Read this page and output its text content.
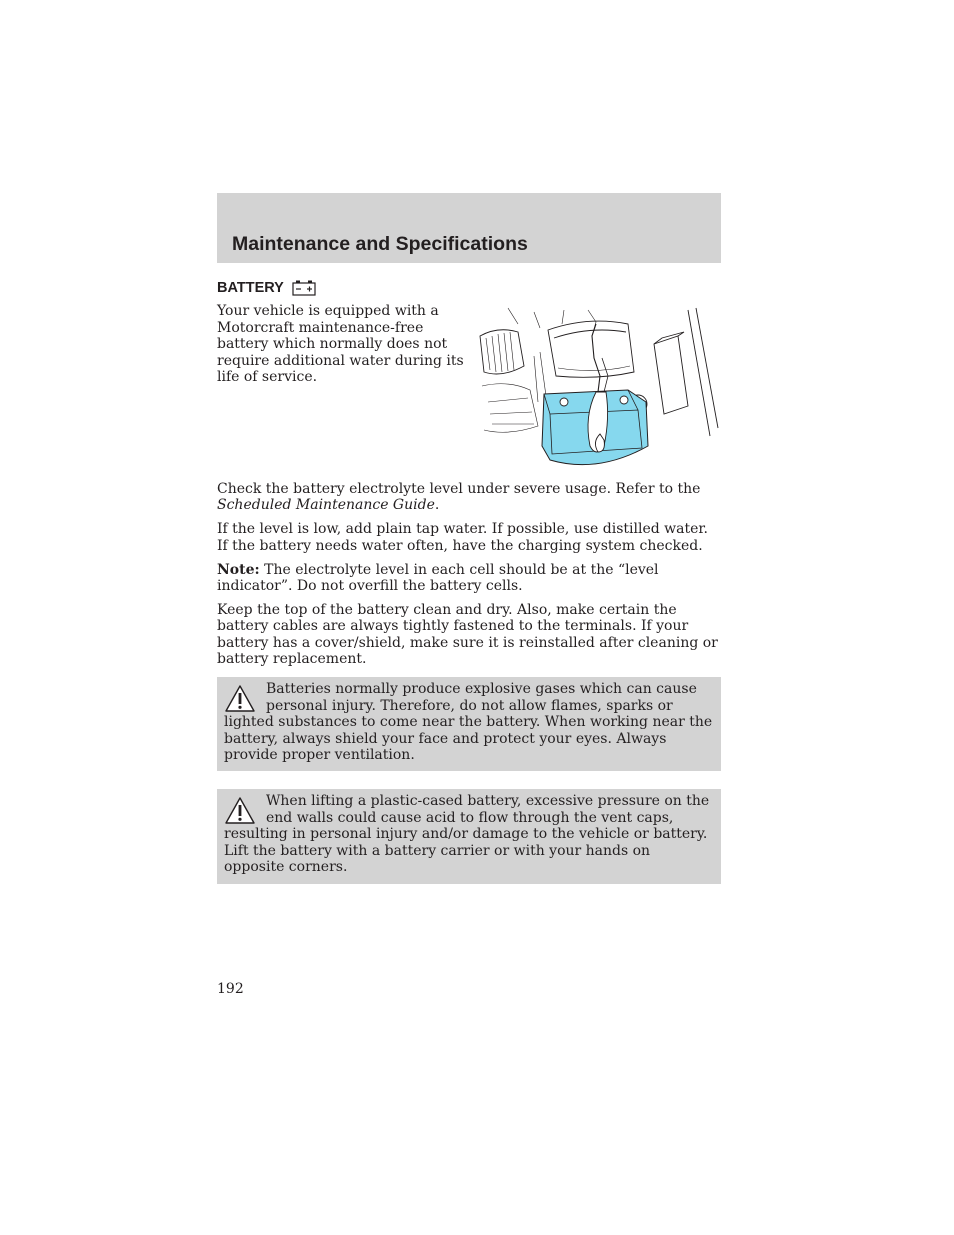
Maintenance and Specifications
BATTERY

Your vehicle is equipped with a Motorcraft maintenance-free battery which normally does not require additional water during its life of service.

Check the battery electrolyte level under severe usage. Refer to the Scheduled Maintenance Guide.

If the level is low, add plain tap water. If possible, use distilled water. If the battery needs water often, have the charging system checked.

Note: The electrolyte level in each cell should be at the “level indicator”. Do not overfill the battery cells.

Keep the top of the battery clean and dry. Also, make certain the battery cables are always tightly fastened to the terminals. If your battery has a cover/shield, make sure it is reinstalled after cleaning or battery replacement.

Batteries normally produce explosive gases which can cause personal injury. Therefore, do not allow flames, sparks or lighted substances to come near the battery. When working near the battery, always shield your face and protect your eyes. Always provide proper ventilation.

When lifting a plastic-cased battery, excessive pressure on the end walls could cause acid to flow through the vent caps, resulting in personal injury and/or damage to the vehicle or battery. Lift the battery with a battery carrier or with your hands on opposite corners.

192
